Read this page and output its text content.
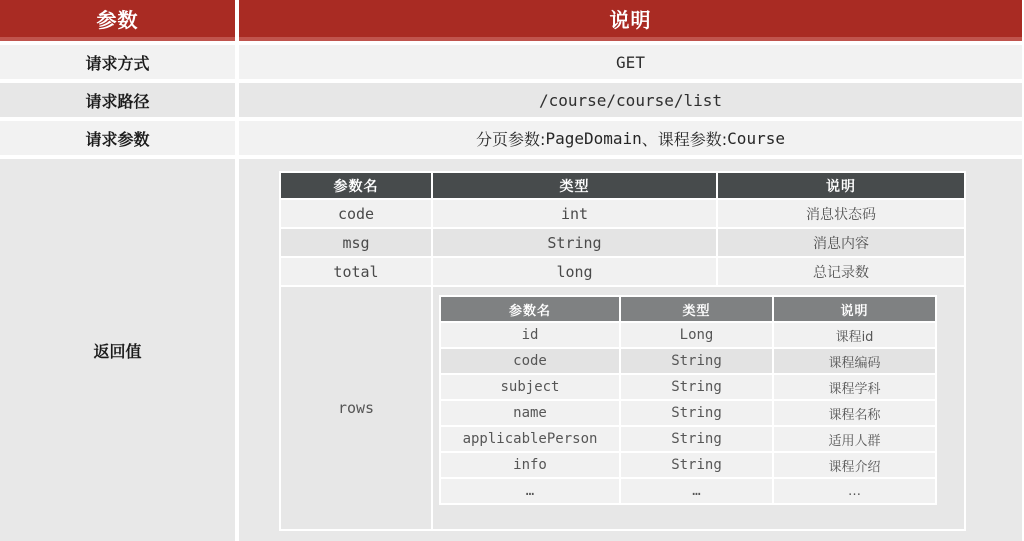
参数	说明
请求方式	GET
请求路径	/course/course/list
请求参数	分页参数: PageDomain 、课程参数: Course
返回值
参数名	类型	说明
code	int	消息状态码
msg	String	消息内容
total	long	总记录数
rows	
参数名	类型	说明
id	Long	课程id
code	String	课程编码
subject	String	课程学科
name	String	课程名称
applicablePerson	String	适用人群
info	String	课程介绍
…	…	…
